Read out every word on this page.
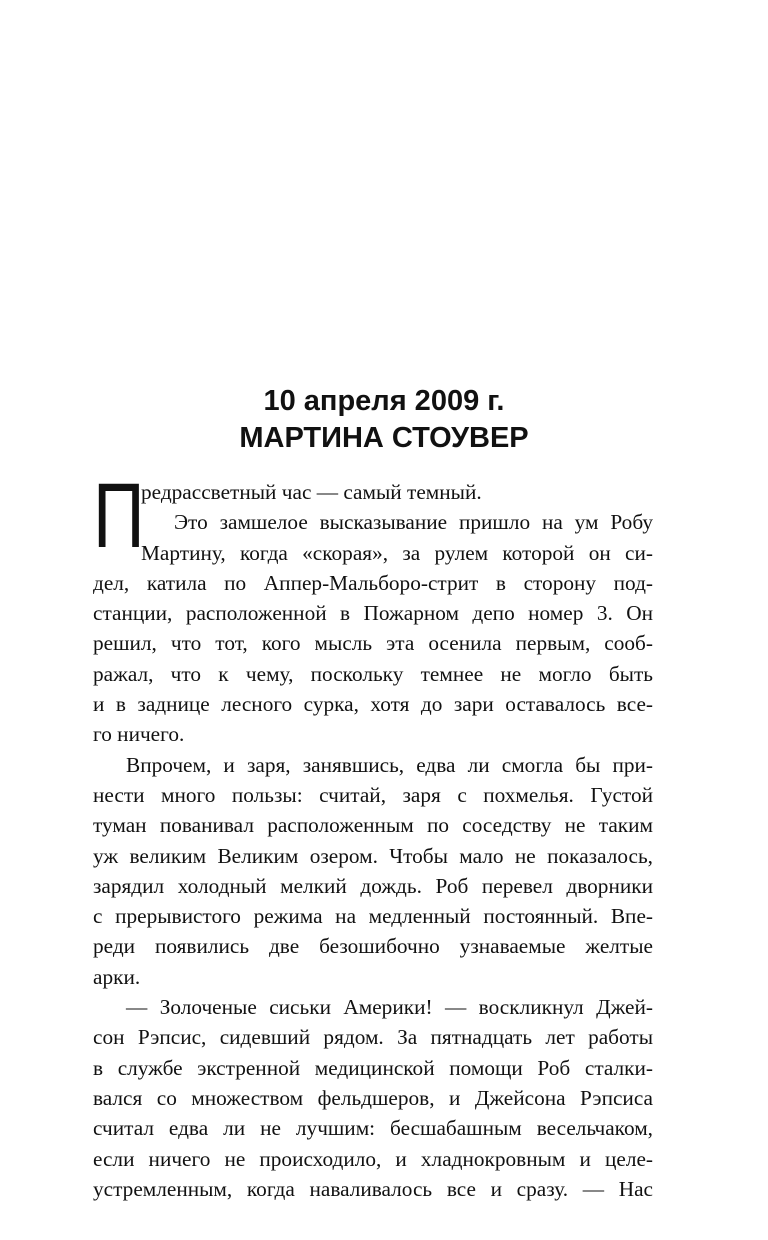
10 апреля 2009 г.
МАРТИНА СТОУВЕР
П
редрассветный час — самый темный.
Это замшелое высказывание пришло на ум Робу
Мартину, когда «скорая», за рулем которой он си-
дел, катила по Аппер-Мальборо-стрит в сторону под-
станции, расположенной в Пожарном депо номер 3. Он
решил, что тот, кого мысль эта осенила первым, сооб-
ражал, что к чему, поскольку темнее не могло быть
и в заднице лесного сурка, хотя до зари оставалось все-
го ничего.
Впрочем, и заря, занявшись, едва ли смогла бы при-
нести много пользы: считай, заря с похмелья. Густой
туман пованивал расположенным по соседству не таким
уж великим Великим озером. Чтобы мало не показалось,
зарядил холодный мелкий дождь. Роб перевел дворники
с прерывистого режима на медленный постоянный. Впе-
реди появились две безошибочно узнаваемые желтые
арки.
— Золоченые сиськи Америки! — воскликнул Джей-
сон Рэпсис, сидевший рядом. За пятнадцать лет работы
в службе экстренной медицинской помощи Роб сталки-
вался со множеством фельдшеров, и Джейсона Рэпсиса
считал едва ли не лучшим: бесшабашным весельчаком,
если ничего не происходило, и хладнокровным и целе-
устремленным, когда наваливалось все и сразу. — Нас
